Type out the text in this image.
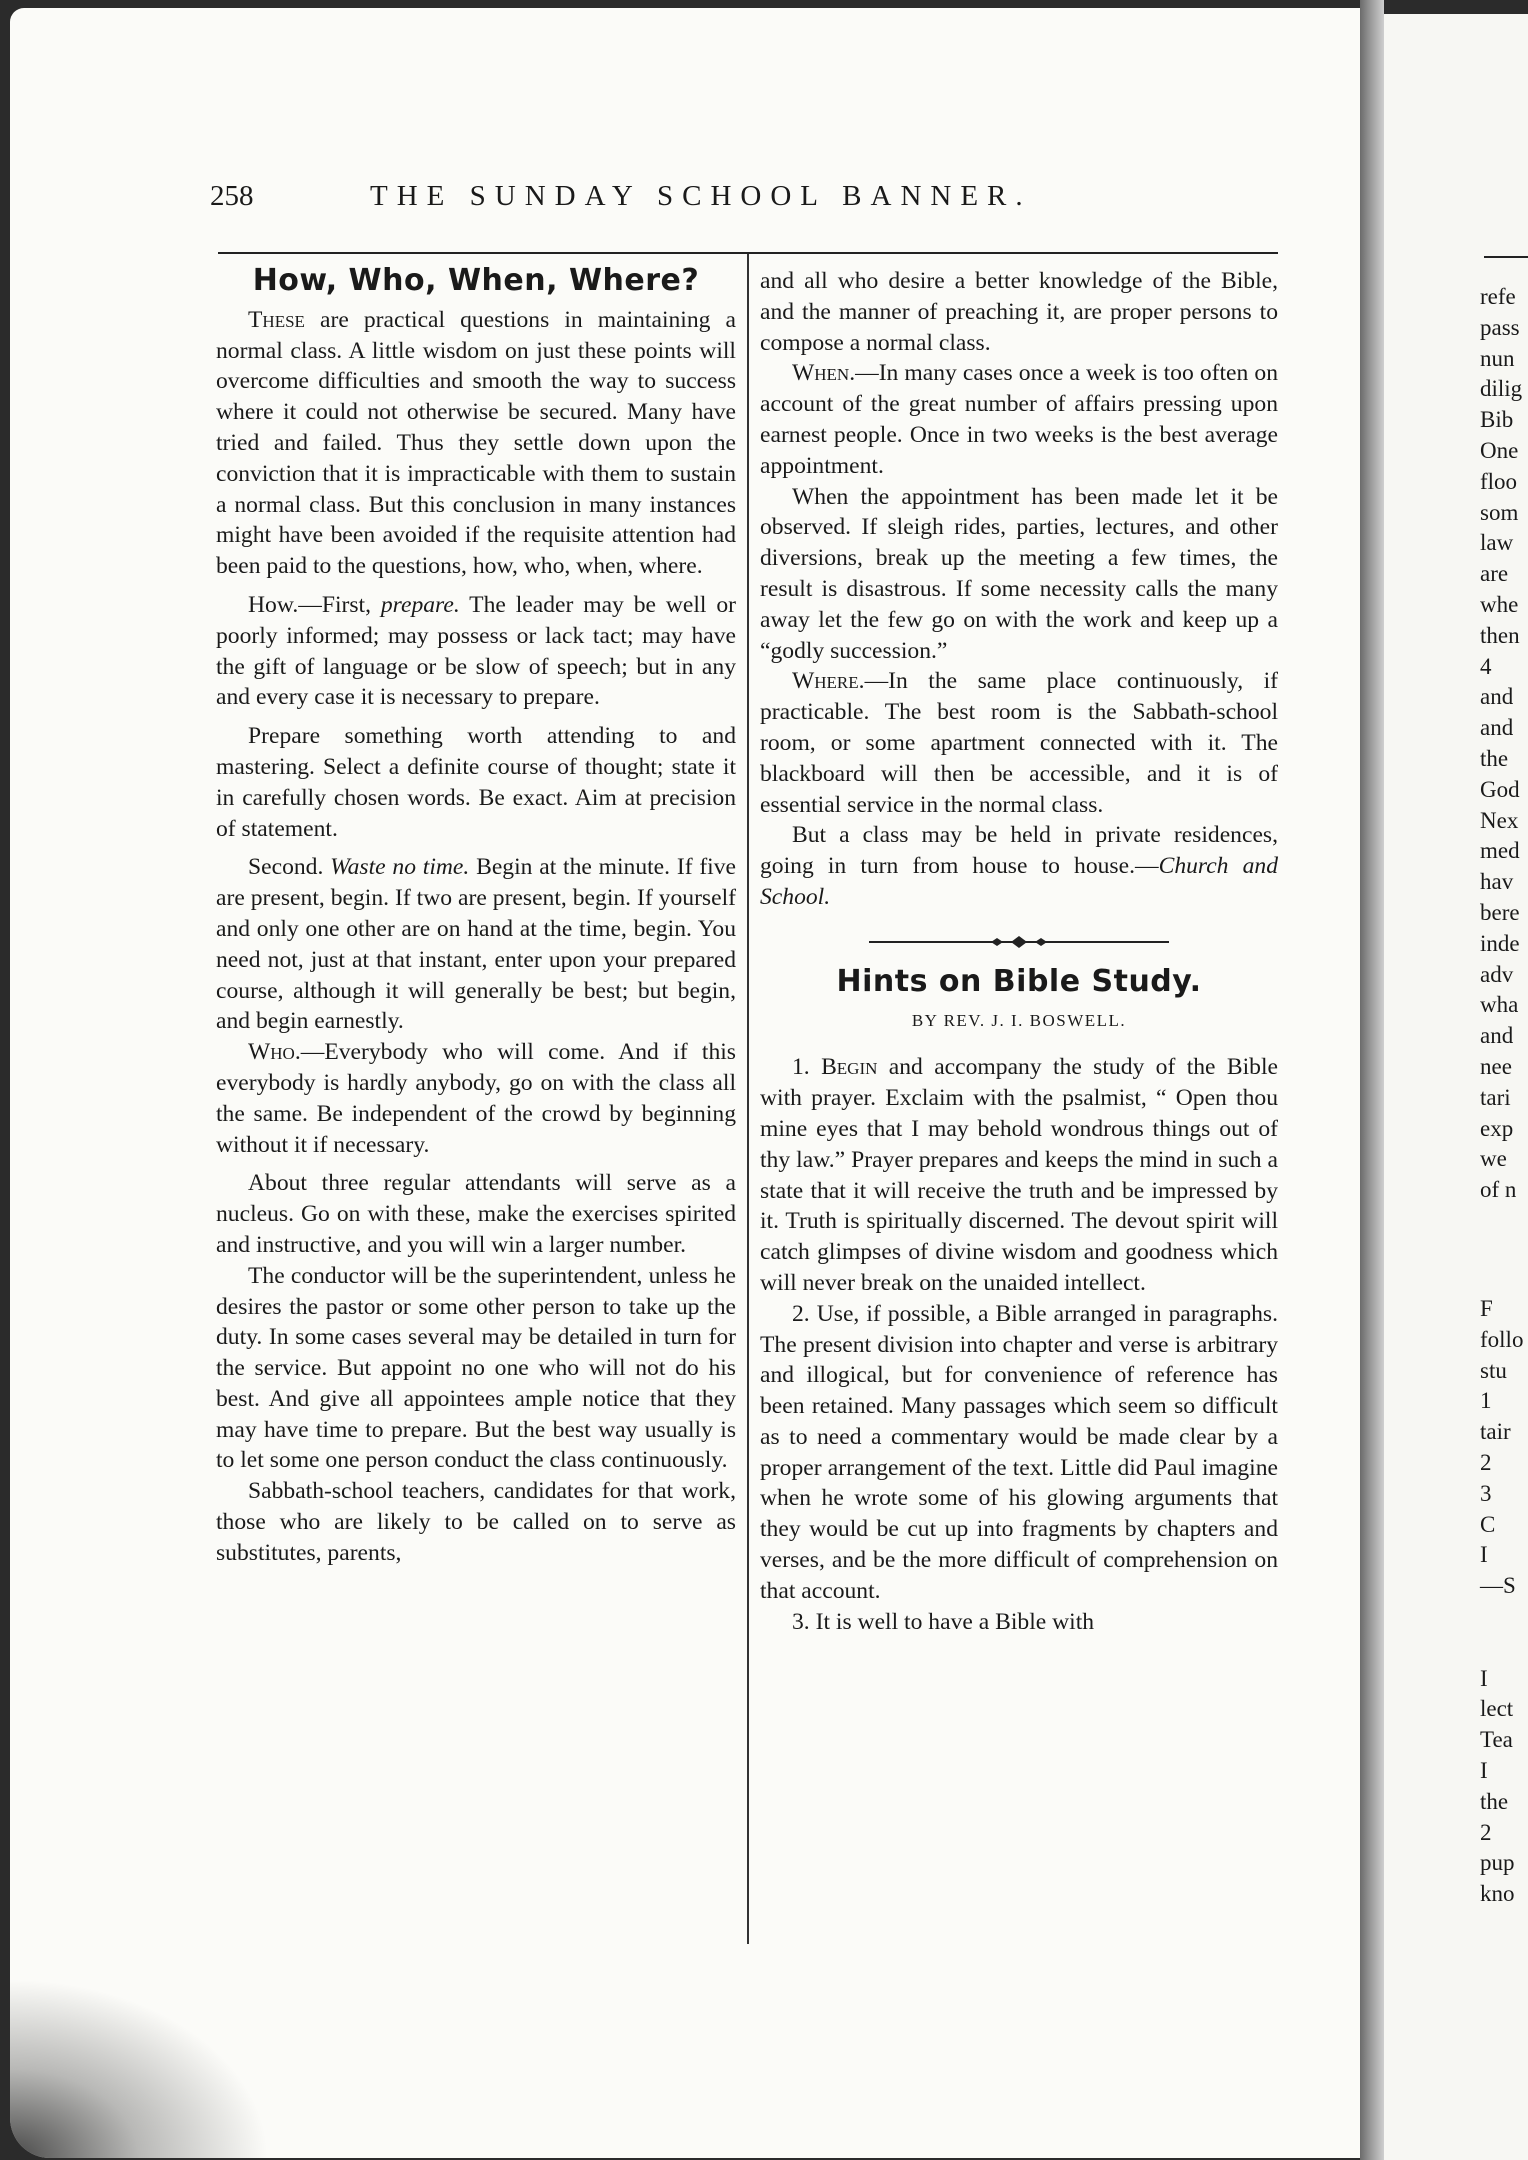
258	THE SUNDAY SCHOOL BANNER.
How, Who, When, Where?

These are practical questions in maintaining a normal class. A little wisdom on just these points will overcome difficulties and smooth the way to success where it could not otherwise be secured. Many have tried and failed. Thus they settle down upon the conviction that it is impracticable with them to sustain a normal class. But this conclusion in many instances might have been avoided if the requisite attention had been paid to the questions, how, who, when, where.

How.—First, prepare. The leader may be well or poorly informed; may possess or lack tact; may have the gift of language or be slow of speech; but in any and every case it is necessary to prepare.

Prepare something worth attending to and mastering. Select a definite course of thought; state it in carefully chosen words. Be exact. Aim at precision of statement.

Second. Waste no time. Begin at the minute. If five are present, begin. If two are present, begin. If yourself and only one other are on hand at the time, begin. You need not, just at that instant, enter upon your prepared course, although it will generally be best; but begin, and begin earnestly.

Who.—Everybody who will come. And if this everybody is hardly anybody, go on with the class all the same. Be independent of the crowd by beginning without it if necessary.

About three regular attendants will serve as a nucleus. Go on with these, make the exercises spirited and instructive, and you will win a larger number.

The conductor will be the superintendent, unless he desires the pastor or some other person to take up the duty. In some cases several may be detailed in turn for the service. But appoint no one who will not do his best. And give all appointees ample notice that they may have time to prepare. But the best way usually is to let some one person conduct the class continuously.

Sabbath-school teachers, candidates for that work, those who are likely to be called on to serve as substitutes, parents,

and all who desire a better knowledge of the Bible, and the manner of preaching it, are proper persons to compose a normal class.

When.—In many cases once a week is too often on account of the great number of affairs pressing upon earnest people. Once in two weeks is the best average appointment.

When the appointment has been made let it be observed. If sleigh rides, parties, lectures, and other diversions, break up the meeting a few times, the result is disastrous. If some necessity calls the many away let the few go on with the work and keep up a “godly succession.”

Where.—In the same place continuously, if practicable. The best room is the Sabbath-school room, or some apartment connected with it. The blackboard will then be accessible, and it is of essential service in the normal class.

But a class may be held in private residences, going in turn from house to house.—Church and School.

Hints on Bible Study.
BY REV. J. I. BOSWELL.

1. Begin and accompany the study of the Bible with prayer. Exclaim with the psalmist, “ Open thou mine eyes that I may behold wondrous things out of thy law.” Prayer prepares and keeps the mind in such a state that it will receive the truth and be impressed by it. Truth is spiritually discerned. The devout spirit will catch glimpses of divine wisdom and goodness which will never break on the unaided intellect.

2. Use, if possible, a Bible arranged in paragraphs. The present division into chapter and verse is arbitrary and illogical, but for convenience of reference has been retained. Many passages which seem so difficult as to need a commentary would be made clear by a proper arrangement of the text. Little did Paul imagine when he wrote some of his glowing arguments that they would be cut up into fragments by chapters and verses, and be the more difficult of comprehension on that account.

3. It is well to have a Bible with

refe
pass
nun
dilig
Bib
One
floo
som
law
are
whe
then
4
and
and
the
God
Nex
med
hav
bere
inde
adv
wha
and
nee
tari
exp
we
of n
F
follo
stu
1
tair
2
3
C
I
—S
I
lect
Tea
I
the
2
pup
kno
